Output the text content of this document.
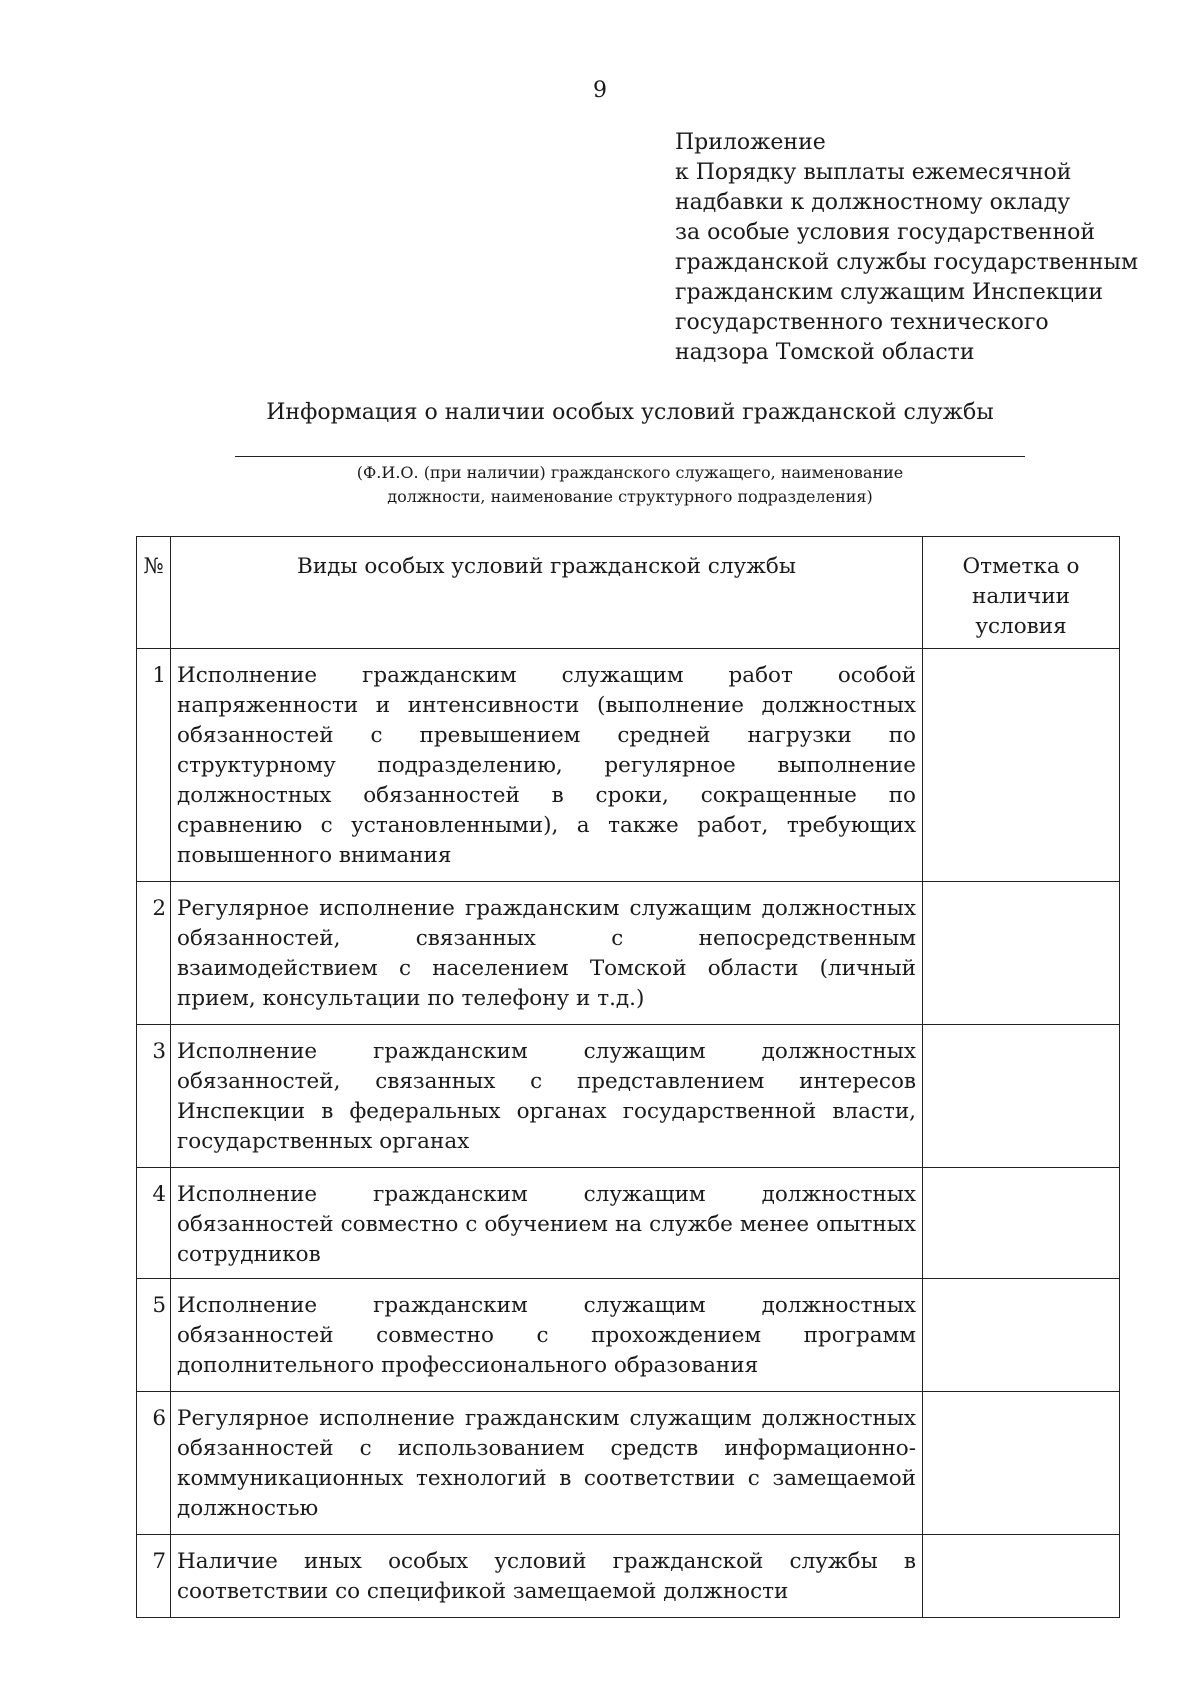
9
Приложение
к Порядку выплаты ежемесячной
надбавки к должностному окладу
за особые условия государственной
гражданской службы государственным
гражданским служащим Инспекции
государственного технического
надзора Томской области
Информация о наличии особых условий гражданской службы
(Ф.И.О. (при наличии) гражданского служащего, наименование
должности, наименование структурного подразделения)
№	Виды особых условий гражданской службы	Отметка о наличии условия
1	Исполнение гражданским служащим работ особой напряженности и интенсивности (выполнение должностных обязанностей с превышением средней нагрузки по структурному подразделению, регулярное выполнение должностных обязанностей в сроки, сокращенные по сравнению с установленными), а также работ, требующих повышенного внимания	
2	Регулярное исполнение гражданским служащим должностных обязанностей, связанных с непосредственным взаимодействием с населением Томской области (личный прием, консультации по телефону и т.д.)	
3	Исполнение гражданским служащим должностных обязанностей, связанных с представлением интересов Инспекции в федеральных органах государственной власти, государственных органах	
4	Исполнение гражданским служащим должностных обязанностей совместно с обучением на службе менее опытных сотрудников	
5	Исполнение гражданским служащим должностных обязанностей совместно с прохождением программ дополнительного профессионального образования	
6	Регулярное исполнение гражданским служащим должностных обязанностей с использованием средств информационно-коммуникационных технологий в соответствии с замещаемой должностью	
7	Наличие иных особых условий гражданской службы в соответствии со спецификой замещаемой должности	
